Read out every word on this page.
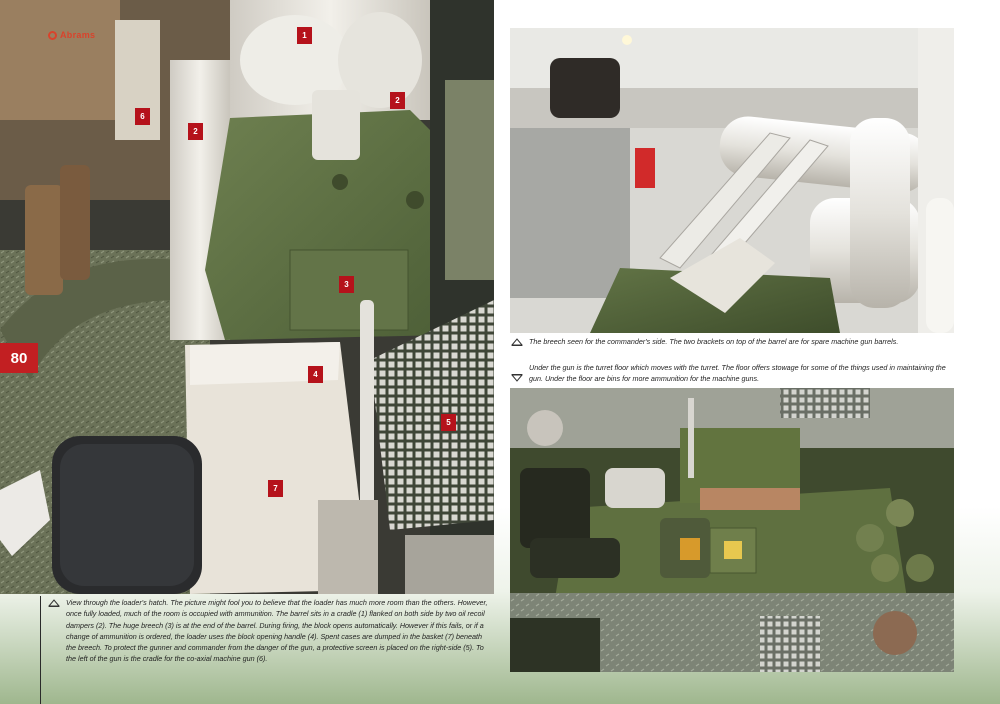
1
2
2
3
4
5
6
7
Abrams
80
View through the loader's hatch. The picture might fool you to believe that the loader has much more room than the others. However, once fully loaded, much of the room is occupied with ammunition. The barrel sits in a cradle (1) flanked on both side by two oil recoil dampers (2). The huge breech (3) is at the end of the barrel. During firing, the block opens automatically. However if this fails, or if a change of ammunition is ordered, the loader uses the block opening handle (4). Spent cases are dumped in the basket (7) beneath the breech. To protect the gunner and commander from the danger of the gun, a protective screen is placed on the right-side (5). To the left of the gun is the cradle for the co-axial machine gun (6).
The breech seen for the commander's side. The two brackets on top of the barrel are for spare machine gun barrels.
Under the gun is the turret floor which moves with the turret. The floor offers stowage for some of the things used in maintaining the gun. Under the floor are bins for more ammunition for the machine guns.
